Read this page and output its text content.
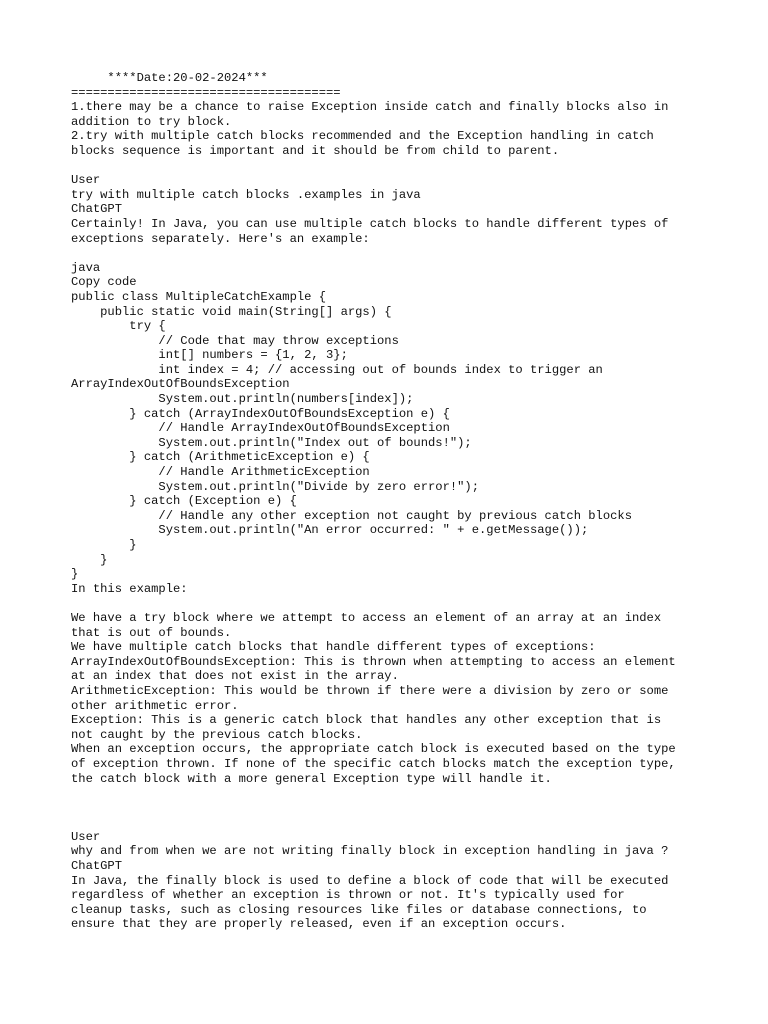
****Date:20-02-2024***
=====================================
1.there may be a chance to raise Exception inside catch and finally blocks also in
addition to try block.
2.try with multiple catch blocks recommended and the Exception handling in catch
blocks sequence is important and it should be from child to parent.
User
try with multiple catch blocks .examples in java
ChatGPT
Certainly! In Java, you can use multiple catch blocks to handle different types of
exceptions separately. Here's an example:
java
Copy code
public class MultipleCatchExample {
public static void main(String[] args) {
try {
// Code that may throw exceptions
int[] numbers = {1, 2, 3};
int index = 4; // accessing out of bounds index to trigger an
ArrayIndexOutOfBoundsException
System.out.println(numbers[index]);
} catch (ArrayIndexOutOfBoundsException e) {
// Handle ArrayIndexOutOfBoundsException
System.out.println("Index out of bounds!");
} catch (ArithmeticException e) {
// Handle ArithmeticException
System.out.println("Divide by zero error!");
} catch (Exception e) {
// Handle any other exception not caught by previous catch blocks
System.out.println("An error occurred: " + e.getMessage());
}
}
}
In this example:
We have a try block where we attempt to access an element of an array at an index
that is out of bounds.
We have multiple catch blocks that handle different types of exceptions:
ArrayIndexOutOfBoundsException: This is thrown when attempting to access an element
at an index that does not exist in the array.
ArithmeticException: This would be thrown if there were a division by zero or some
other arithmetic error.
Exception: This is a generic catch block that handles any other exception that is
not caught by the previous catch blocks.
When an exception occurs, the appropriate catch block is executed based on the type
of exception thrown. If none of the specific catch blocks match the exception type,
the catch block with a more general Exception type will handle it.
User
why and from when we are not writing finally block in exception handling in java ?
ChatGPT
In Java, the finally block is used to define a block of code that will be executed
regardless of whether an exception is thrown or not. It's typically used for
cleanup tasks, such as closing resources like files or database connections, to
ensure that they are properly released, even if an exception occurs.
